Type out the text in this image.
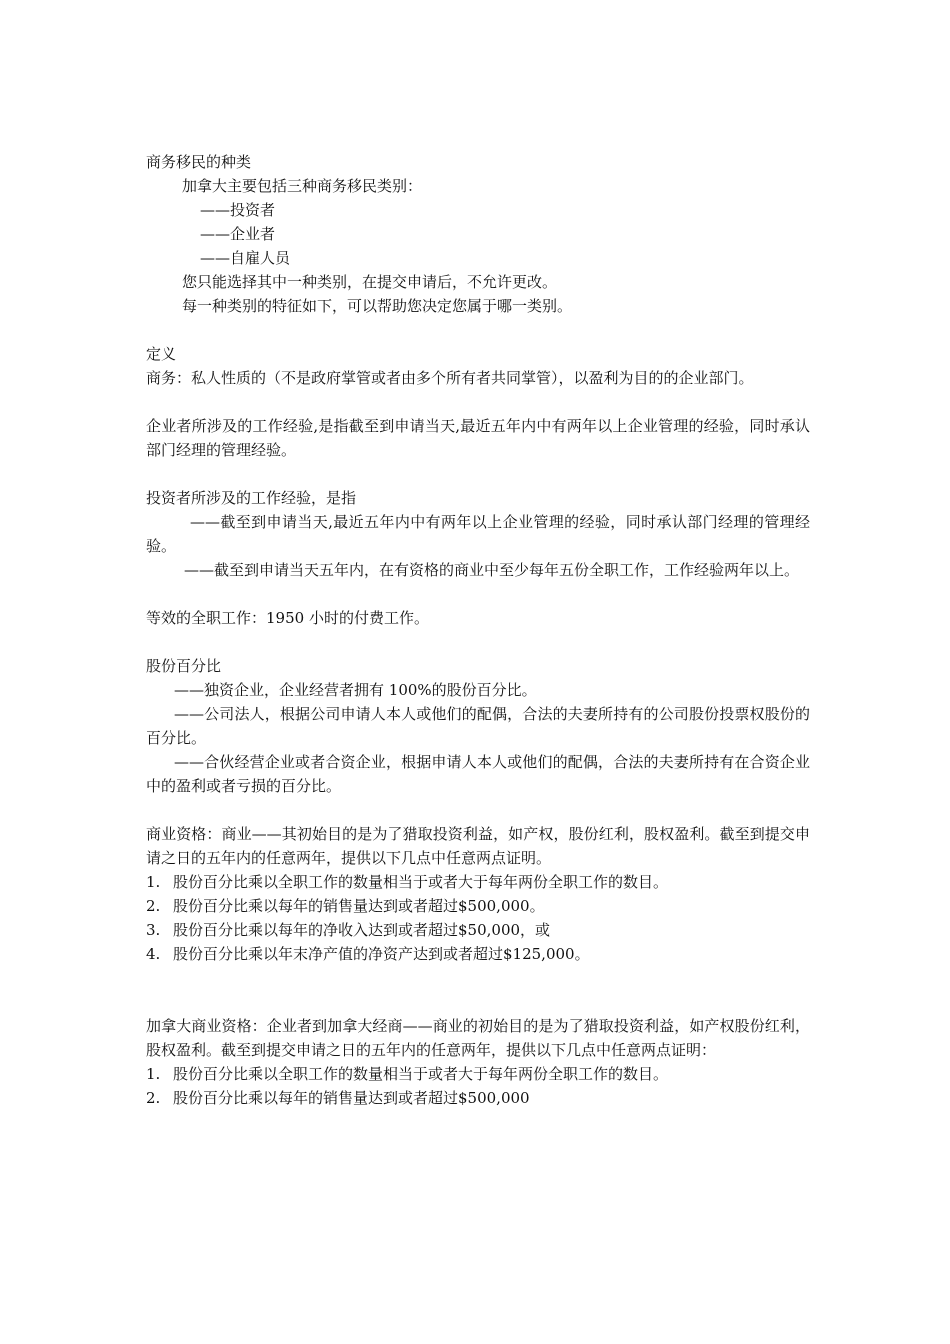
商务移民的种类

加拿大主要包括三种商务移民类别：

——投资者

——企业者

——自雇人员

您只能选择其中一种类别，在提交申请后，不允许更改。

每一种类别的特征如下，可以帮助您决定您属于哪一类别。

定义

商务：私人性质的（不是政府掌管或者由多个所有者共同掌管），以盈利为目的的企业部门。

企业者所涉及的工作经验,是指截至到申请当天,最近五年内中有两年以上企业管理的经验，同时承认部门经理的管理经验。

投资者所涉及的工作经验，是指

——截至到申请当天,最近五年内中有两年以上企业管理的经验，同时承认部门经理的管理经验。

——截至到申请当天五年内，在有资格的商业中至少每年五份全职工作，工作经验两年以上。

等效的全职工作：1950 小时的付费工作。

股份百分比

——独资企业，企业经营者拥有 100%的股份百分比。

——公司法人，根据公司申请人本人或他们的配偶，合法的夫妻所持有的公司股份投票权股份的百分比。

——合伙经营企业或者合资企业，根据申请人本人或他们的配偶，合法的夫妻所持有在合资企业中的盈利或者亏损的百分比。

商业资格：商业——其初始目的是为了猎取投资利益，如产权，股份红利，股权盈利。截至到提交申请之日的五年内的任意两年，提供以下几点中任意两点证明。

1. 股份百分比乘以全职工作的数量相当于或者大于每年两份全职工作的数目。
2. 股份百分比乘以每年的销售量达到或者超过$500,000。
3. 股份百分比乘以每年的净收入达到或者超过$50,000，或
4. 股份百分比乘以年末净产值的净资产达到或者超过$125,000。

加拿大商业资格：企业者到加拿大经商——商业的初始目的是为了猎取投资利益，如产权股份红利，股权盈利。截至到提交申请之日的五年内的任意两年，提供以下几点中任意两点证明：

1. 股份百分比乘以全职工作的数量相当于或者大于每年两份全职工作的数目。
2. 股份百分比乘以每年的销售量达到或者超过$500,000
